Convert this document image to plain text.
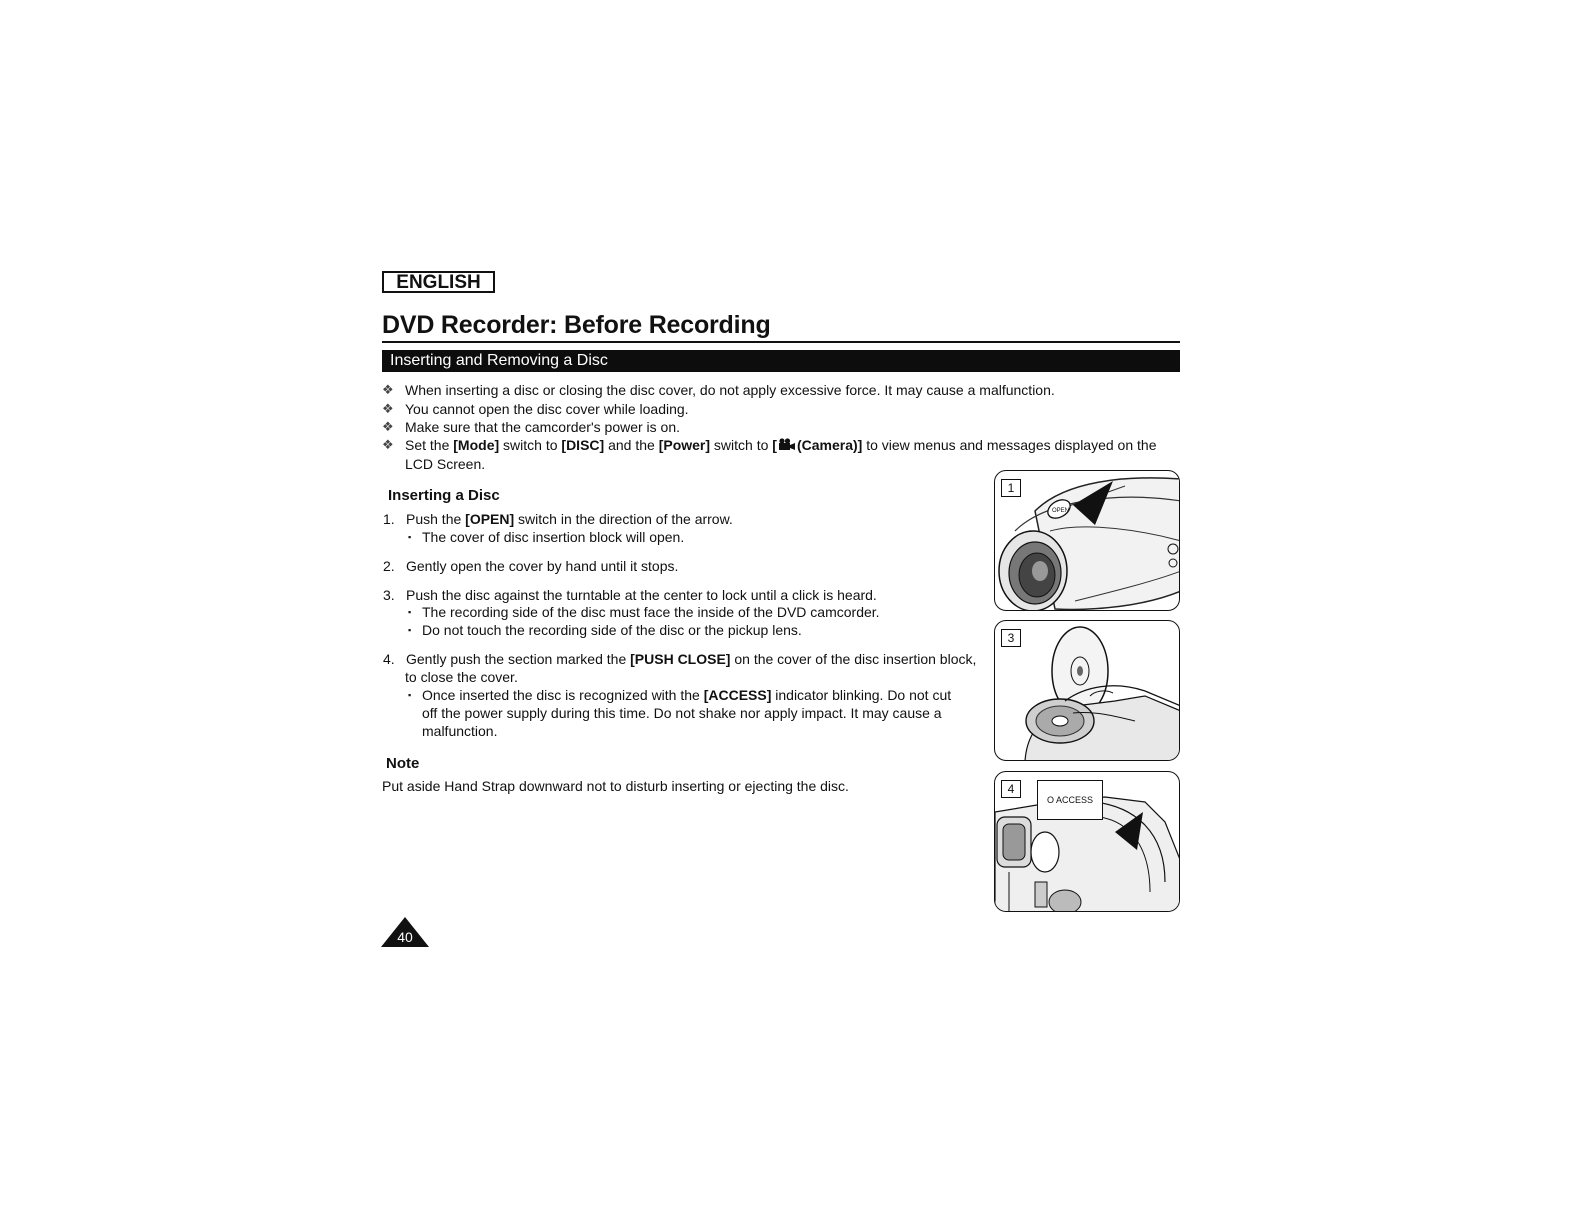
ENGLISH
DVD Recorder: Before Recording
Inserting and Removing a Disc
❖ When inserting a disc or closing the disc cover, do not apply excessive force. It may cause a malfunction.
❖ You cannot open the disc cover while loading.
❖ Make sure that the camcorder's power is on.
❖ Set the [Mode] switch to [DISC] and the [Power] switch to [ (Camera)] to view menus and messages displayed on the
LCD Screen.
Inserting a Disc
1. Push the [OPEN] switch in the direction of the arrow.
▪ The cover of disc insertion block will open.
2. Gently open the cover by hand until it stops.
3. Push the disc against the turntable at the center to lock until a click is heard.
▪ The recording side of the disc must face the inside of the DVD camcorder.
▪ Do not touch the recording side of the disc or the pickup lens.
4. Gently push the section marked the [PUSH CLOSE] on the cover of the disc insertion block,
to close the cover.
▪ Once inserted the disc is recognized with the [ACCESS] indicator blinking. Do not cut
off the power supply during this time. Do not shake nor apply impact. It may cause a
malfunction.
Note
Put aside Hand Strap downward not to disturb inserting or ejecting the disc.
OPEN
1
3
4
O ACCESS
40
